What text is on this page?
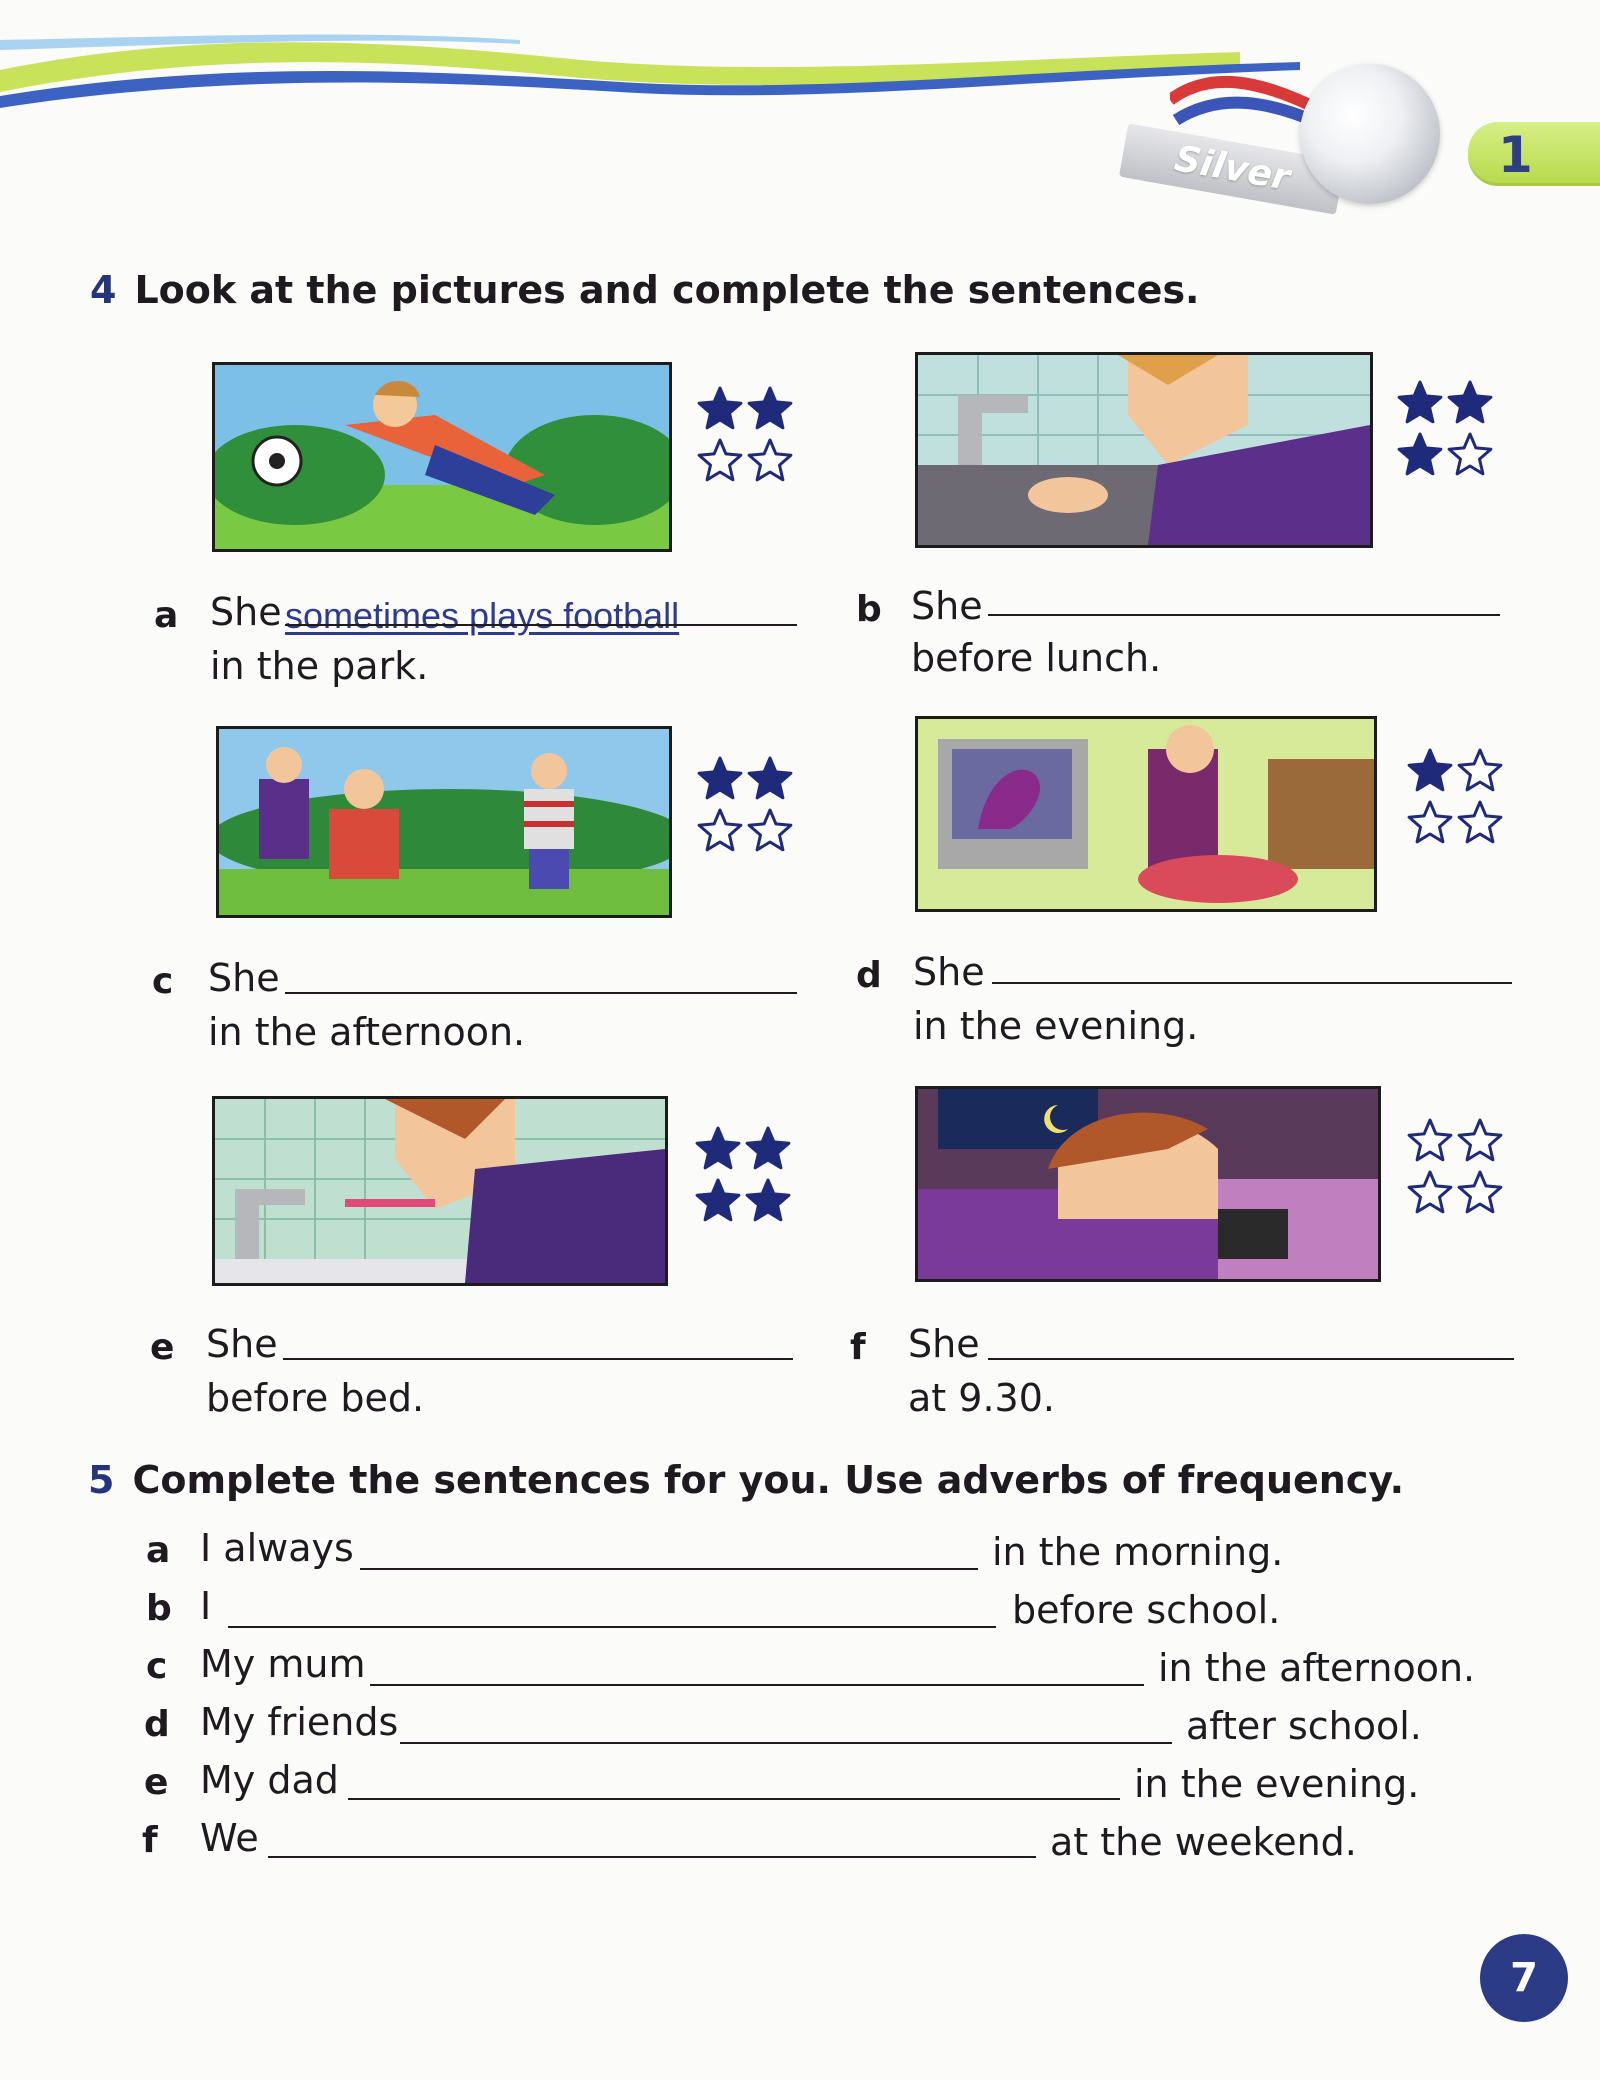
Silver	1
4 Look at the pictures and complete the sentences.
a She sometimes plays football
in the park.
b She
before lunch.
c She
in the afternoon.
d She
in the evening.
e She
before bed.
f She
at 9.30.
5 Complete the sentences for you. Use adverbs of frequency.
a I always	in the morning.
b I	before school.
c My mum	in the afternoon.
d My friends	after school.
e My dad	in the evening.
f We	at the weekend.
7
